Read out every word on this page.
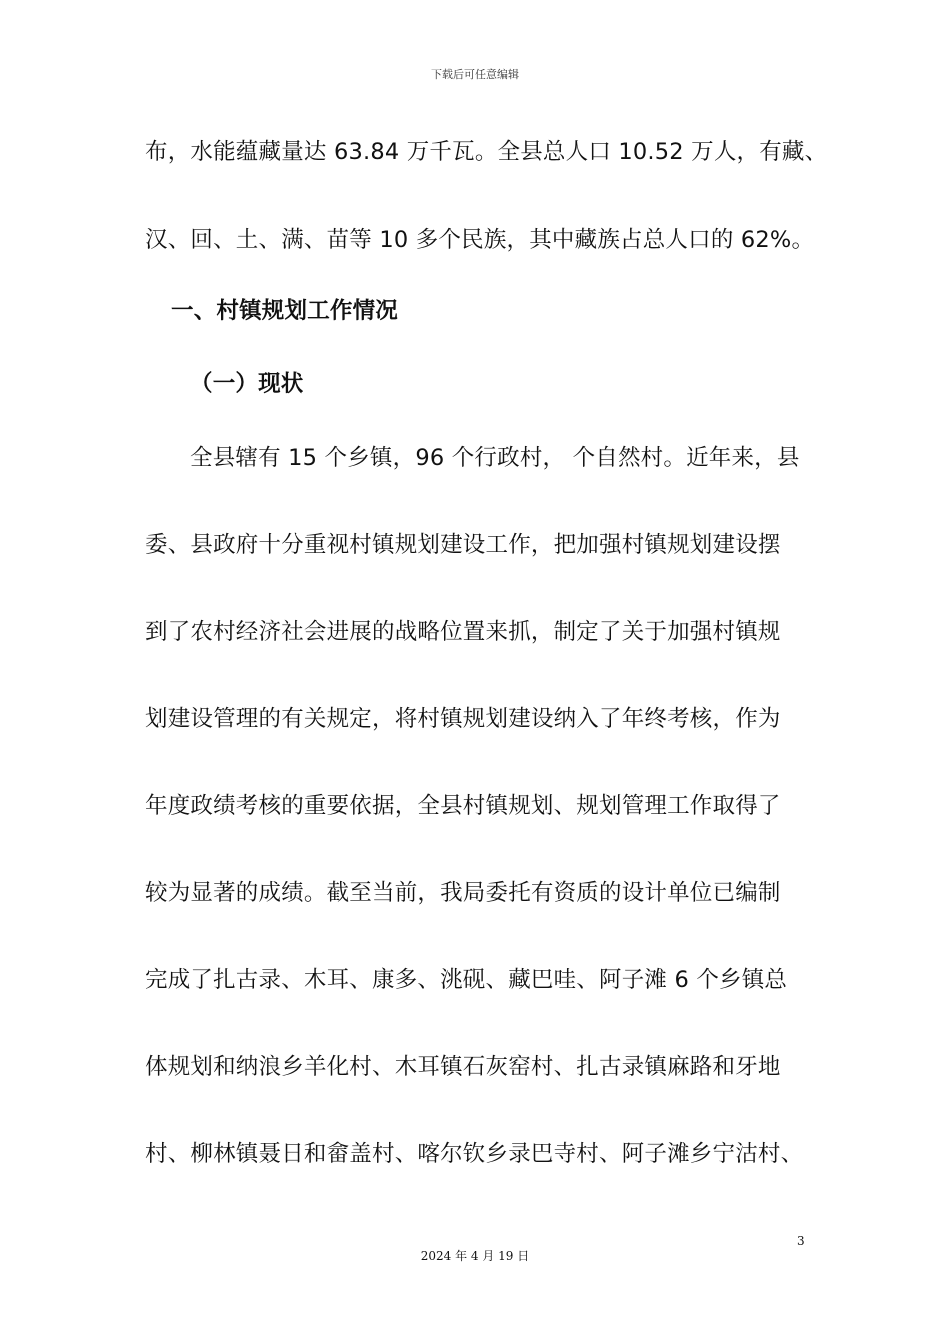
下载后可任意编辑
布，水能蕴藏量达 63.84 万千瓦。全县总人口 10.52 万人，有藏、
汉、回、土、满、苗等 10 多个民族，其中藏族占总人口的 62%。
一、村镇规划工作情况
（一）现状
全县辖有 15 个乡镇，96 个行政村， 个自然村。近年来，县
委、县政府十分重视村镇规划建设工作，把加强村镇规划建设摆
到了农村经济社会进展的战略位置来抓，制定了关于加强村镇规
划建设管理的有关规定，将村镇规划建设纳入了年终考核，作为
年度政绩考核的重要依据，全县村镇规划、规划管理工作取得了
较为显著的成绩。截至当前，我局委托有资质的设计单位已编制
完成了扎古录、木耳、康多、洮砚、藏巴哇、阿子滩 6 个乡镇总
体规划和纳浪乡羊化村、木耳镇石灰窑村、扎古录镇麻路和牙地
村、柳林镇聂日和畲盖村、喀尔钦乡录巴寺村、阿子滩乡宁沽村、
3
2024 年 4 月 19 日
